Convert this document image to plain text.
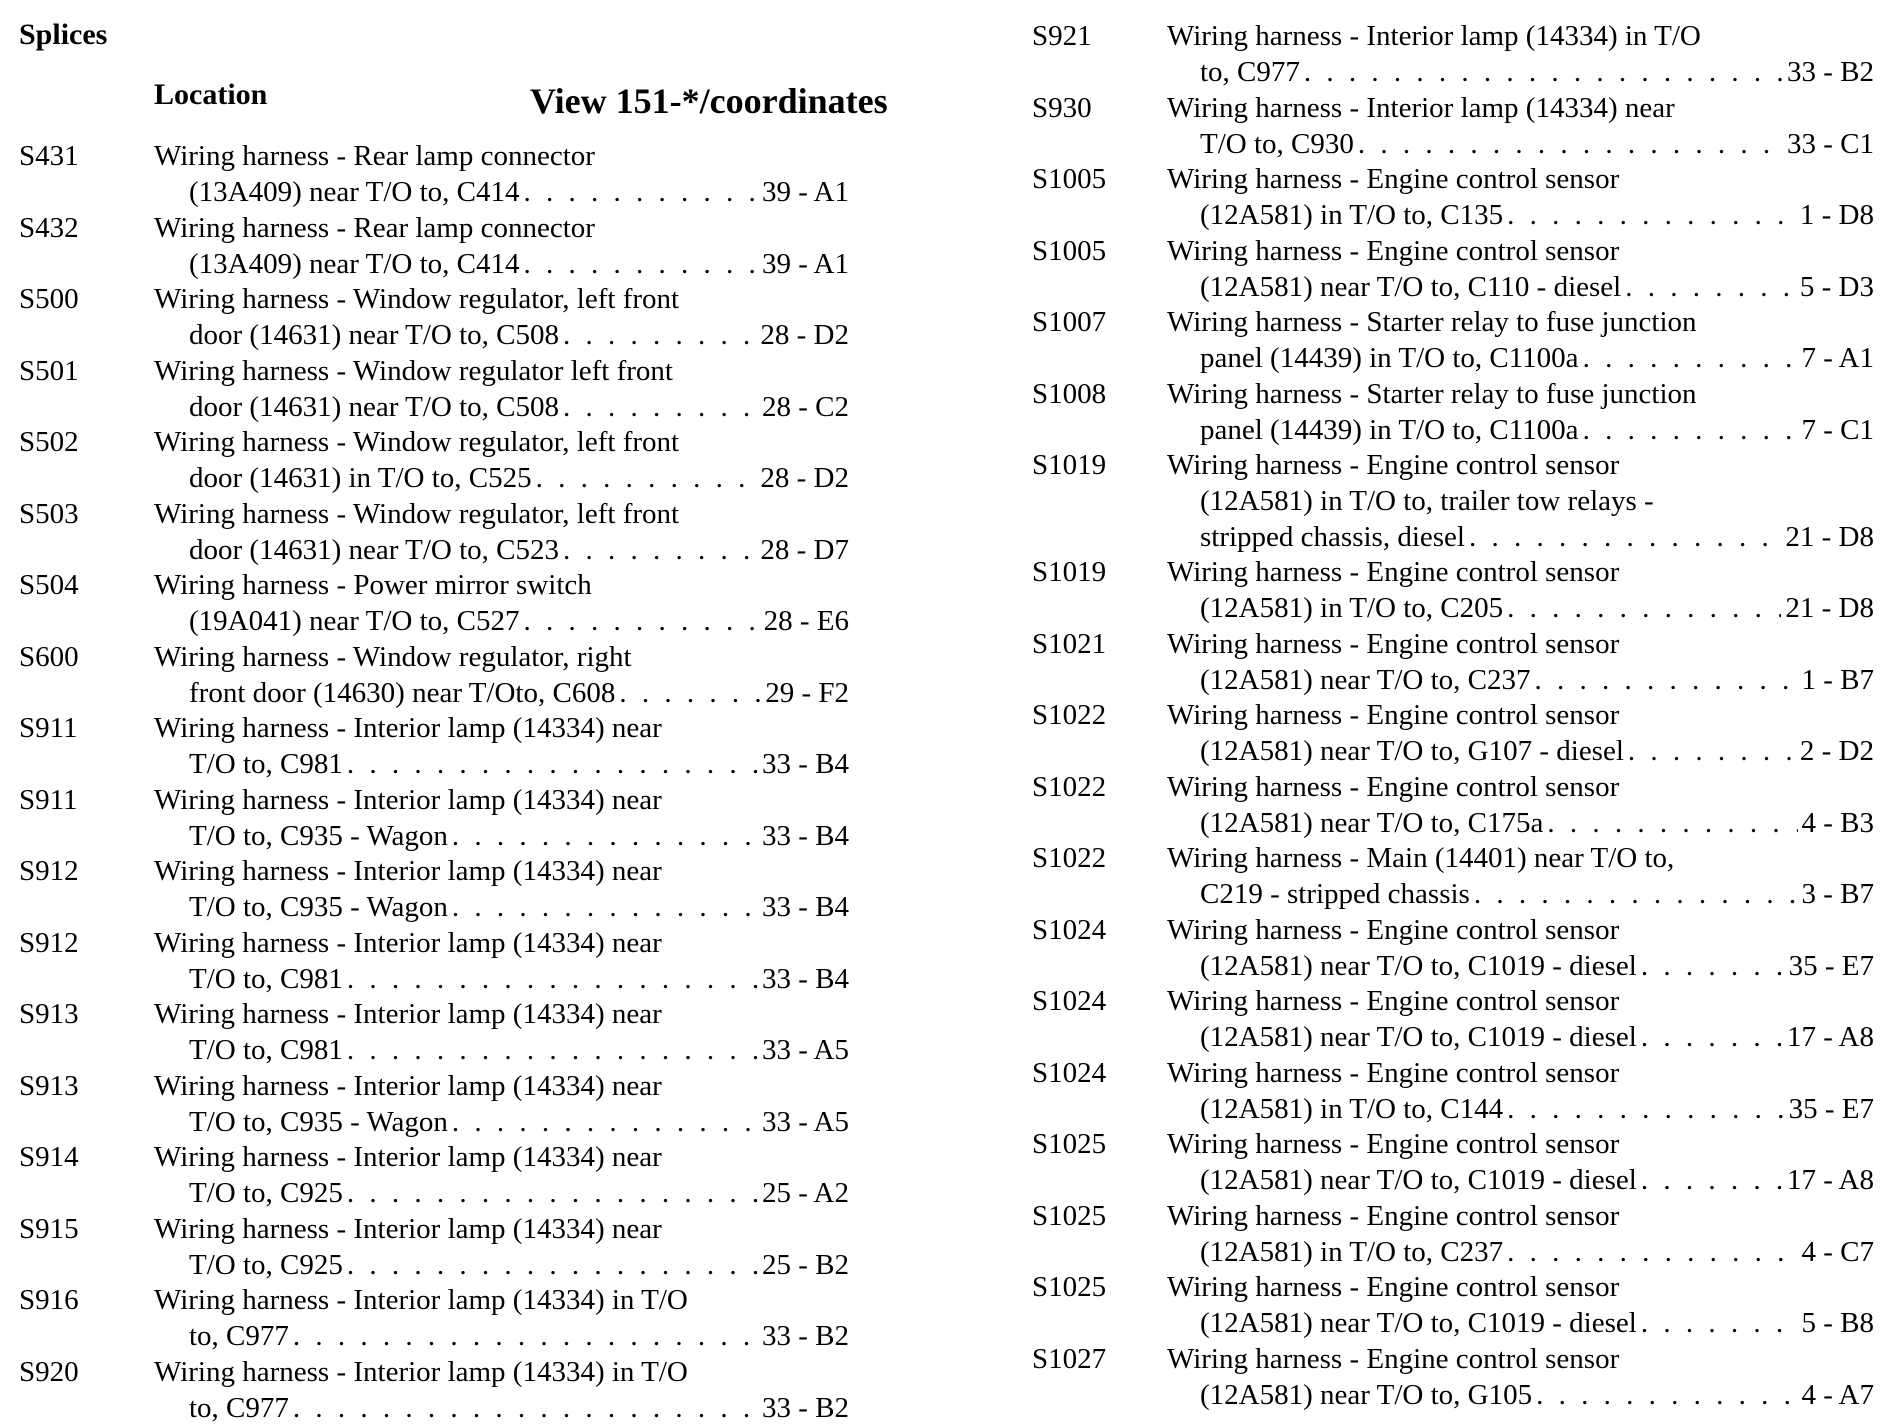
Splices
Location	View 151-*/coordinates
S431	Wiring harness - Rear lamp connector
(13A409) near T/O to, C414 . . .	39 - A1
S432	Wiring harness - Rear lamp connector
(13A409) near T/O to, C414 . . .	39 - A1
S500	Wiring harness - Window regulator, left front
door (14631) near T/O to, C508 . . .	28 - D2
S501	Wiring harness - Window regulator left front
door (14631) near T/O to, C508 . . .	28 - C2
S502	Wiring harness - Window regulator, left front
door (14631) in T/O to, C525 . . .	28 - D2
S503	Wiring harness - Window regulator, left front
door (14631) near T/O to, C523 . . .	28 - D7
S504	Wiring harness - Power mirror switch
(19A041) near T/O to, C527 . . .	28 - E6
S600	Wiring harness - Window regulator, right
front door (14630) near T/Oto, C608 . . .	29 - F2
S911	Wiring harness - Interior lamp (14334) near
T/O to, C981 . . .	33 - B4
S911	Wiring harness - Interior lamp (14334) near
T/O to, C935 - Wagon . . .	33 - B4
S912	Wiring harness - Interior lamp (14334) near
T/O to, C935 - Wagon . . .	33 - B4
S912	Wiring harness - Interior lamp (14334) near
T/O to, C981 . . .	33 - B4
S913	Wiring harness - Interior lamp (14334) near
T/O to, C981 . . .	33 - A5
S913	Wiring harness - Interior lamp (14334) near
T/O to, C935 - Wagon . . .	33 - A5
S914	Wiring harness - Interior lamp (14334) near
T/O to, C925 . . .	25 - A2
S915	Wiring harness - Interior lamp (14334) near
T/O to, C925 . . .	25 - B2
S916	Wiring harness - Interior lamp (14334) in T/O
to, C977 . . .	33 - B2
S920	Wiring harness - Interior lamp (14334) in T/O
to, C977 . . .	33 - B2
S921	Wiring harness - Interior lamp (14334) in T/O
to, C977 . . .	33 - B2
S930	Wiring harness - Interior lamp (14334) near
T/O to, C930 . . .	33 - C1
S1005 Wiring harness - Engine control sensor
(12A581) in T/O to, C135 . . .	1 - D8
S1005 Wiring harness - Engine control sensor
(12A581) near T/O to, C110 - diesel . . .	5 - D3
S1007 Wiring harness - Starter relay to fuse junction
panel (14439) in T/O to, C1100a . . .	7 - A1
S1008 Wiring harness - Starter relay to fuse junction
panel (14439) in T/O to, C1100a . . .	7 - C1
S1019 Wiring harness - Engine control sensor
(12A581) in T/O to, trailer tow relays -
stripped chassis, diesel . . .	21 - D8
S1019 Wiring harness - Engine control sensor
(12A581) in T/O to, C205 . . .	21 - D8
S1021 Wiring harness - Engine control sensor
(12A581) near T/O to, C237 . . .	1 - B7
S1022 Wiring harness - Engine control sensor
(12A581) near T/O to, G107 - diesel . . .	2 - D2
S1022 Wiring harness - Engine control sensor
(12A581) near T/O to, C175a . . .	4 - B3
S1022 Wiring harness - Main (14401) near T/O to,
C219 - stripped chassis . . .	3 - B7
S1024 Wiring harness - Engine control sensor
(12A581) near T/O to, C1019 - diesel . . .	35 - E7
S1024 Wiring harness - Engine control sensor
(12A581) near T/O to, C1019 - diesel . . .	17 - A8
S1024 Wiring harness - Engine control sensor
(12A581) in T/O to, C144 . . .	35 - E7
S1025 Wiring harness - Engine control sensor
(12A581) near T/O to, C1019 - diesel . . .	17 - A8
S1025 Wiring harness - Engine control sensor
(12A581) in T/O to, C237 . . .	4 - C7
S1025 Wiring harness - Engine control sensor
(12A581) near T/O to, C1019 - diesel . . .	5 - B8
S1027 Wiring harness - Engine control sensor
(12A581) near T/O to, G105 . . .	4 - A7
